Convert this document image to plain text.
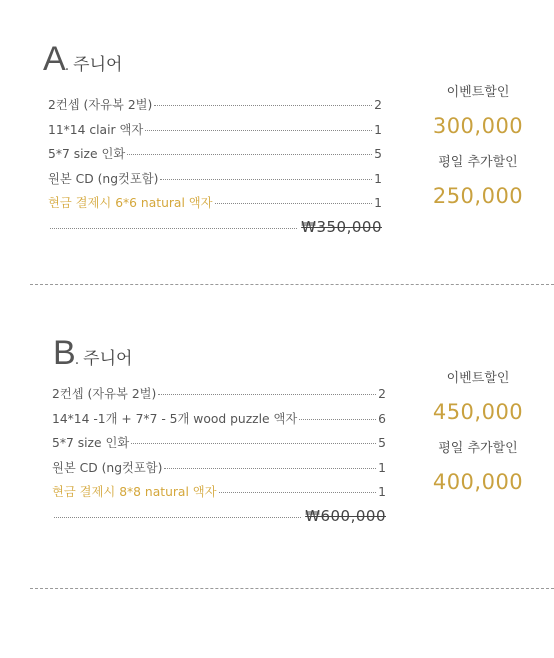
A. 주니어
2컨셉 (자유복 2벌)	2
11*14 clair 액자	1
5*7 size 인화	5
원본 CD (ng컷포함)	1
현금 결제시 6*6 natural 액자	1
₩350,000
이벤트할인
300,000
평일 추가할인
250,000
B. 주니어
2컨셉 (자유복 2벌)	2
14*14 -1개 + 7*7 - 5개 wood puzzle 액자	6
5*7 size 인화	5
원본 CD (ng컷포함)	1
현금 결제시 8*8 natural 액자	1
₩600,000
이벤트할인
450,000
평일 추가할인
400,000
